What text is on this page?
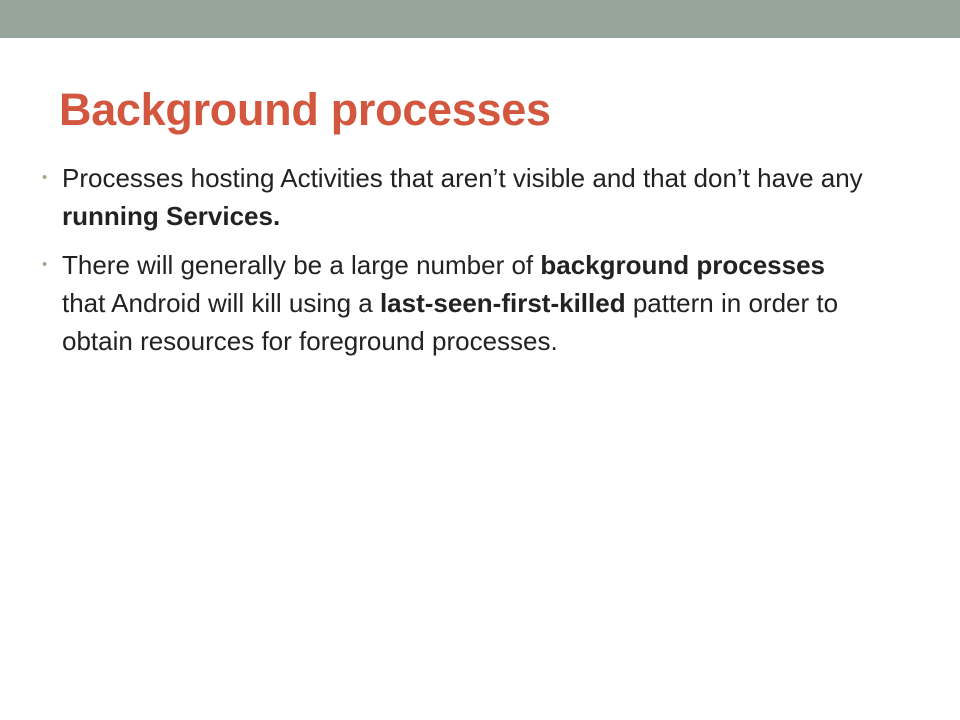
Background processes
• Processes hosting Activities that aren’t visible and that don’t have any running Services.
• There will generally be a large number of background processes that Android will kill using a last-seen-first-killed pattern in order to obtain resources for foreground processes.
